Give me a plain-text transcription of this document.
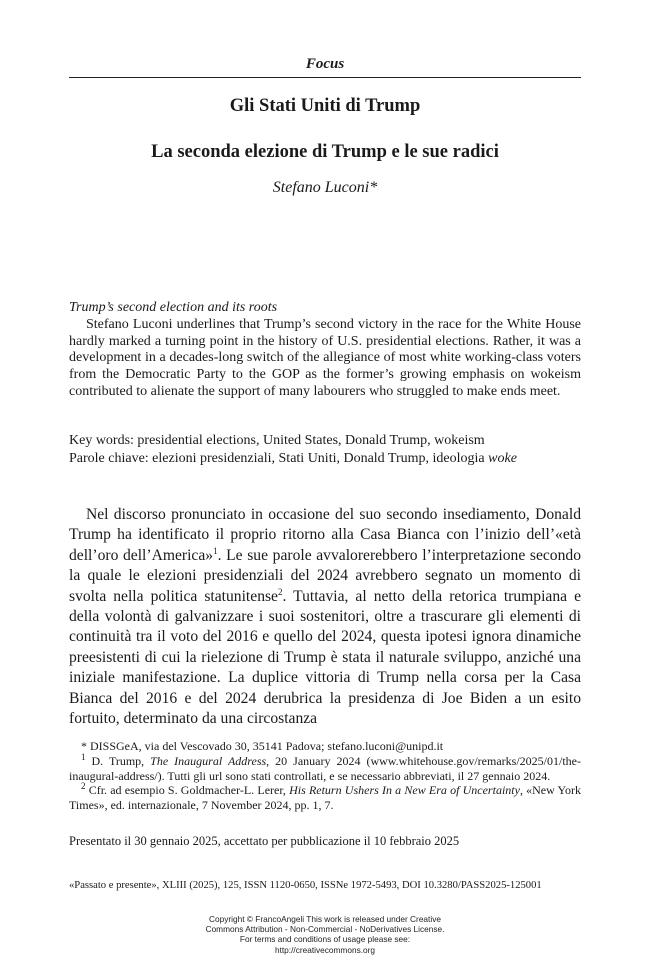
Focus
Gli Stati Uniti di Trump
La seconda elezione di Trump e le sue radici
Stefano Luconi*
Trump’s second election and its roots

Stefano Luconi underlines that Trump’s second victory in the race for the White House hardly marked a turning point in the history of U.S. presidential elections. Rather, it was a development in a decades-long switch of the allegiance of most white working-class voters from the Democratic Party to the GOP as the former’s growing emphasis on wokeism contributed to alienate the support of many labourers who struggled to make ends meet.

Key words: presidential elections, United States, Donald Trump, wokeism
Parole chiave: elezioni presidenziali, Stati Uniti, Donald Trump, ideologia woke

Nel discorso pronunciato in occasione del suo secondo insediamento, Donald Trump ha identificato il proprio ritorno alla Casa Bianca con l’inizio dell’«età dell’oro dell’America»$^1$. Le sue parole avvalorerebbero l’interpretazione secondo la quale le elezioni presidenziali del 2024 avrebbero segnato un momento di svolta nella politica statunitense$^2$. Tuttavia, al netto della retorica trumpiana e della volontà di galvanizzare i suoi sostenitori, oltre a trascurare gli elementi di continuità tra il voto del 2016 e quello del 2024, questa ipotesi ignora dinamiche preesistenti di cui la rielezione di Trump è stata il naturale sviluppo, anziché una iniziale manifestazione. La duplice vittoria di Trump nella corsa per la Casa Bianca del 2016 e del 2024 derubrica la presidenza di Joe Biden a un esito fortuito, determinato da una circostanza

* DISSGeA, via del Vescovado 30, 35141 Padova; stefano.luconi@unipd.it

$^1$ D. Trump, The Inaugural Address, 20 January 2024 (www.whitehouse.gov/remarks/2025/01/the-inaugural-address/). Tutti gli url sono stati controllati, e se necessario abbreviati, il 27 gennaio 2024.

$^2$ Cfr. ad esempio S. Goldmacher-L. Lerer, His Return Ushers In a New Era of Uncertainty, «New York Times», ed. internazionale, 7 November 2024, pp. 1, 7.

Presentato il 30 gennaio 2025, accettato per pubblicazione il 10 febbraio 2025
«Passato e presente», XLIII (2025), 125, ISSN 1120-0650, ISSNe 1972-5493, DOI 10.3280/PASS2025-125001
Copyright © FrancoAngeli This work is released under Creative
Commons Attribution - Non-Commercial - NoDerivatives License.
For terms and conditions of usage please see:
http://creativecommons.org
